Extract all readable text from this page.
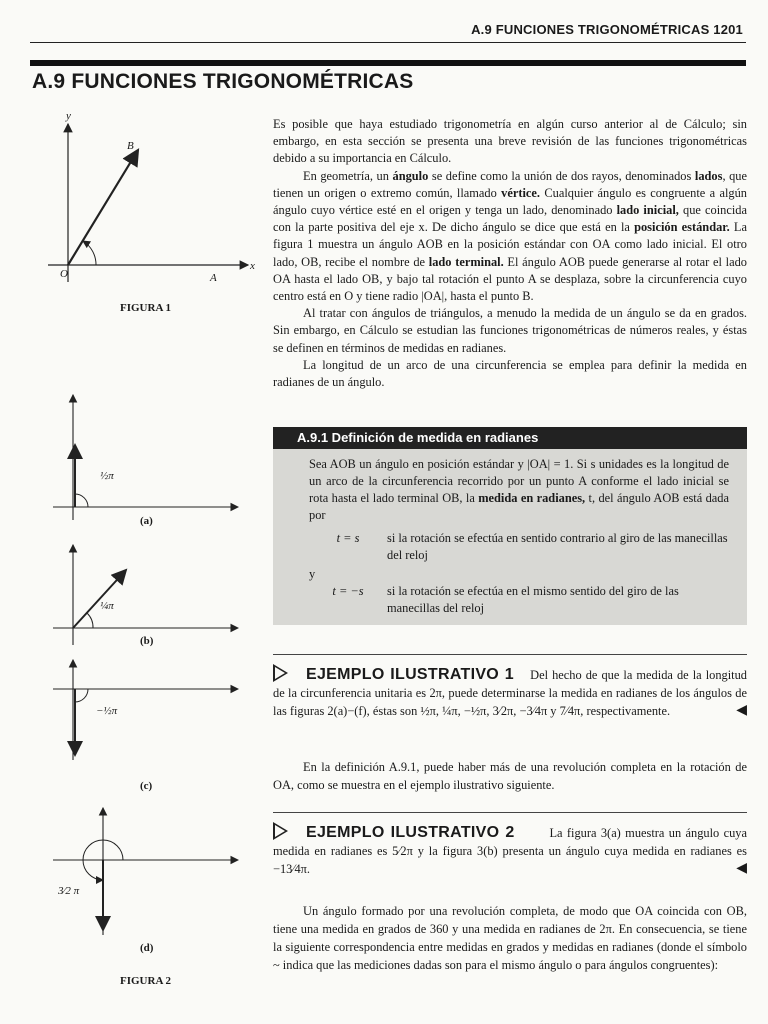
A.9 FUNCIONES TRIGONOMÉTRICAS 1201
A.9 FUNCIONES TRIGONOMÉTRICAS
y
B
O	A
x
FIGURA 1
½π
(a)
¼π
(b)
−½π
(c)
3⁄2 π
(d)
FIGURA 2

Es posible que haya estudiado trigonometría en algún curso anterior al de Cálculo; sin embargo, en esta sección se presenta una breve revisión de las funciones trigonométricas debido a su importancia en Cálculo.

En geometría, un ángulo se define como la unión de dos rayos, denominados lados, que tienen un origen o extremo común, llamado vértice. Cualquier ángulo es congruente a algún ángulo cuyo vértice esté en el origen y tenga un lado, denominado lado inicial, que coincida con la parte positiva del eje x. De dicho ángulo se dice que está en la posición estándar. La figura 1 muestra un ángulo AOB en la posición estándar con OA como lado inicial. El otro lado, OB, recibe el nombre de lado terminal. El ángulo AOB puede generarse al rotar el lado OA hasta el lado OB, y bajo tal rotación el punto A se desplaza, sobre la circunferencia cuyo centro está en O y tiene radio |OA|, hasta el punto B.

Al tratar con ángulos de triángulos, a menudo la medida de un ángulo se da en grados. Sin embargo, en Cálculo se estudian las funciones trigonométricas de números reales, y éstas se definen en términos de medidas en radianes.

La longitud de un arco de una circunferencia se emplea para definir la medida en radianes de un ángulo.

A.9.1 Definición de medida en radianes

Sea AOB un ángulo en posición estándar y |OA| = 1. Si s unidades es la longitud de un arco de la circunferencia recorrido por un punto A conforme el lado inicial se rota hasta el lado terminal OB, la medida en radianes, t, del ángulo AOB está dada por

t = s	si la rotación se efectúa en sentido contrario al giro de las manecillas del reloj
y
t = −s	si la rotación se efectúa en el mismo sentido del giro de las manecillas del reloj
EJEMPLO ILUSTRATIVO 1 Del hecho de que la medida de la longitud de la circunferencia unitaria es 2π, puede determinarse la medida en radianes de los ángulos de las figuras 2(a)−(f), éstas son ½π, ¼π, −½π, 3⁄2π, −3⁄4π y 7⁄4π, respectivamente.	◀
En la definición A.9.1, puede haber más de una revolución completa en la rotación de OA, como se muestra en el ejemplo ilustrativo siguiente.
EJEMPLO ILUSTRATIVO 2	La figura 3(a) muestra un ángulo cuya medida en radianes es 5⁄2π y la figura 3(b) presenta un ángulo cuya medida en radianes es −13⁄4π.	◀
Un ángulo formado por una revolución completa, de modo que OA coincida con OB, tiene una medida en grados de 360 y una medida en radianes de 2π. En consecuencia, se tiene la siguiente correspondencia entre medidas en grados y medidas en radianes (donde el símbolo ~ indica que las mediciones dadas son para el mismo ángulo o para ángulos congruentes):
